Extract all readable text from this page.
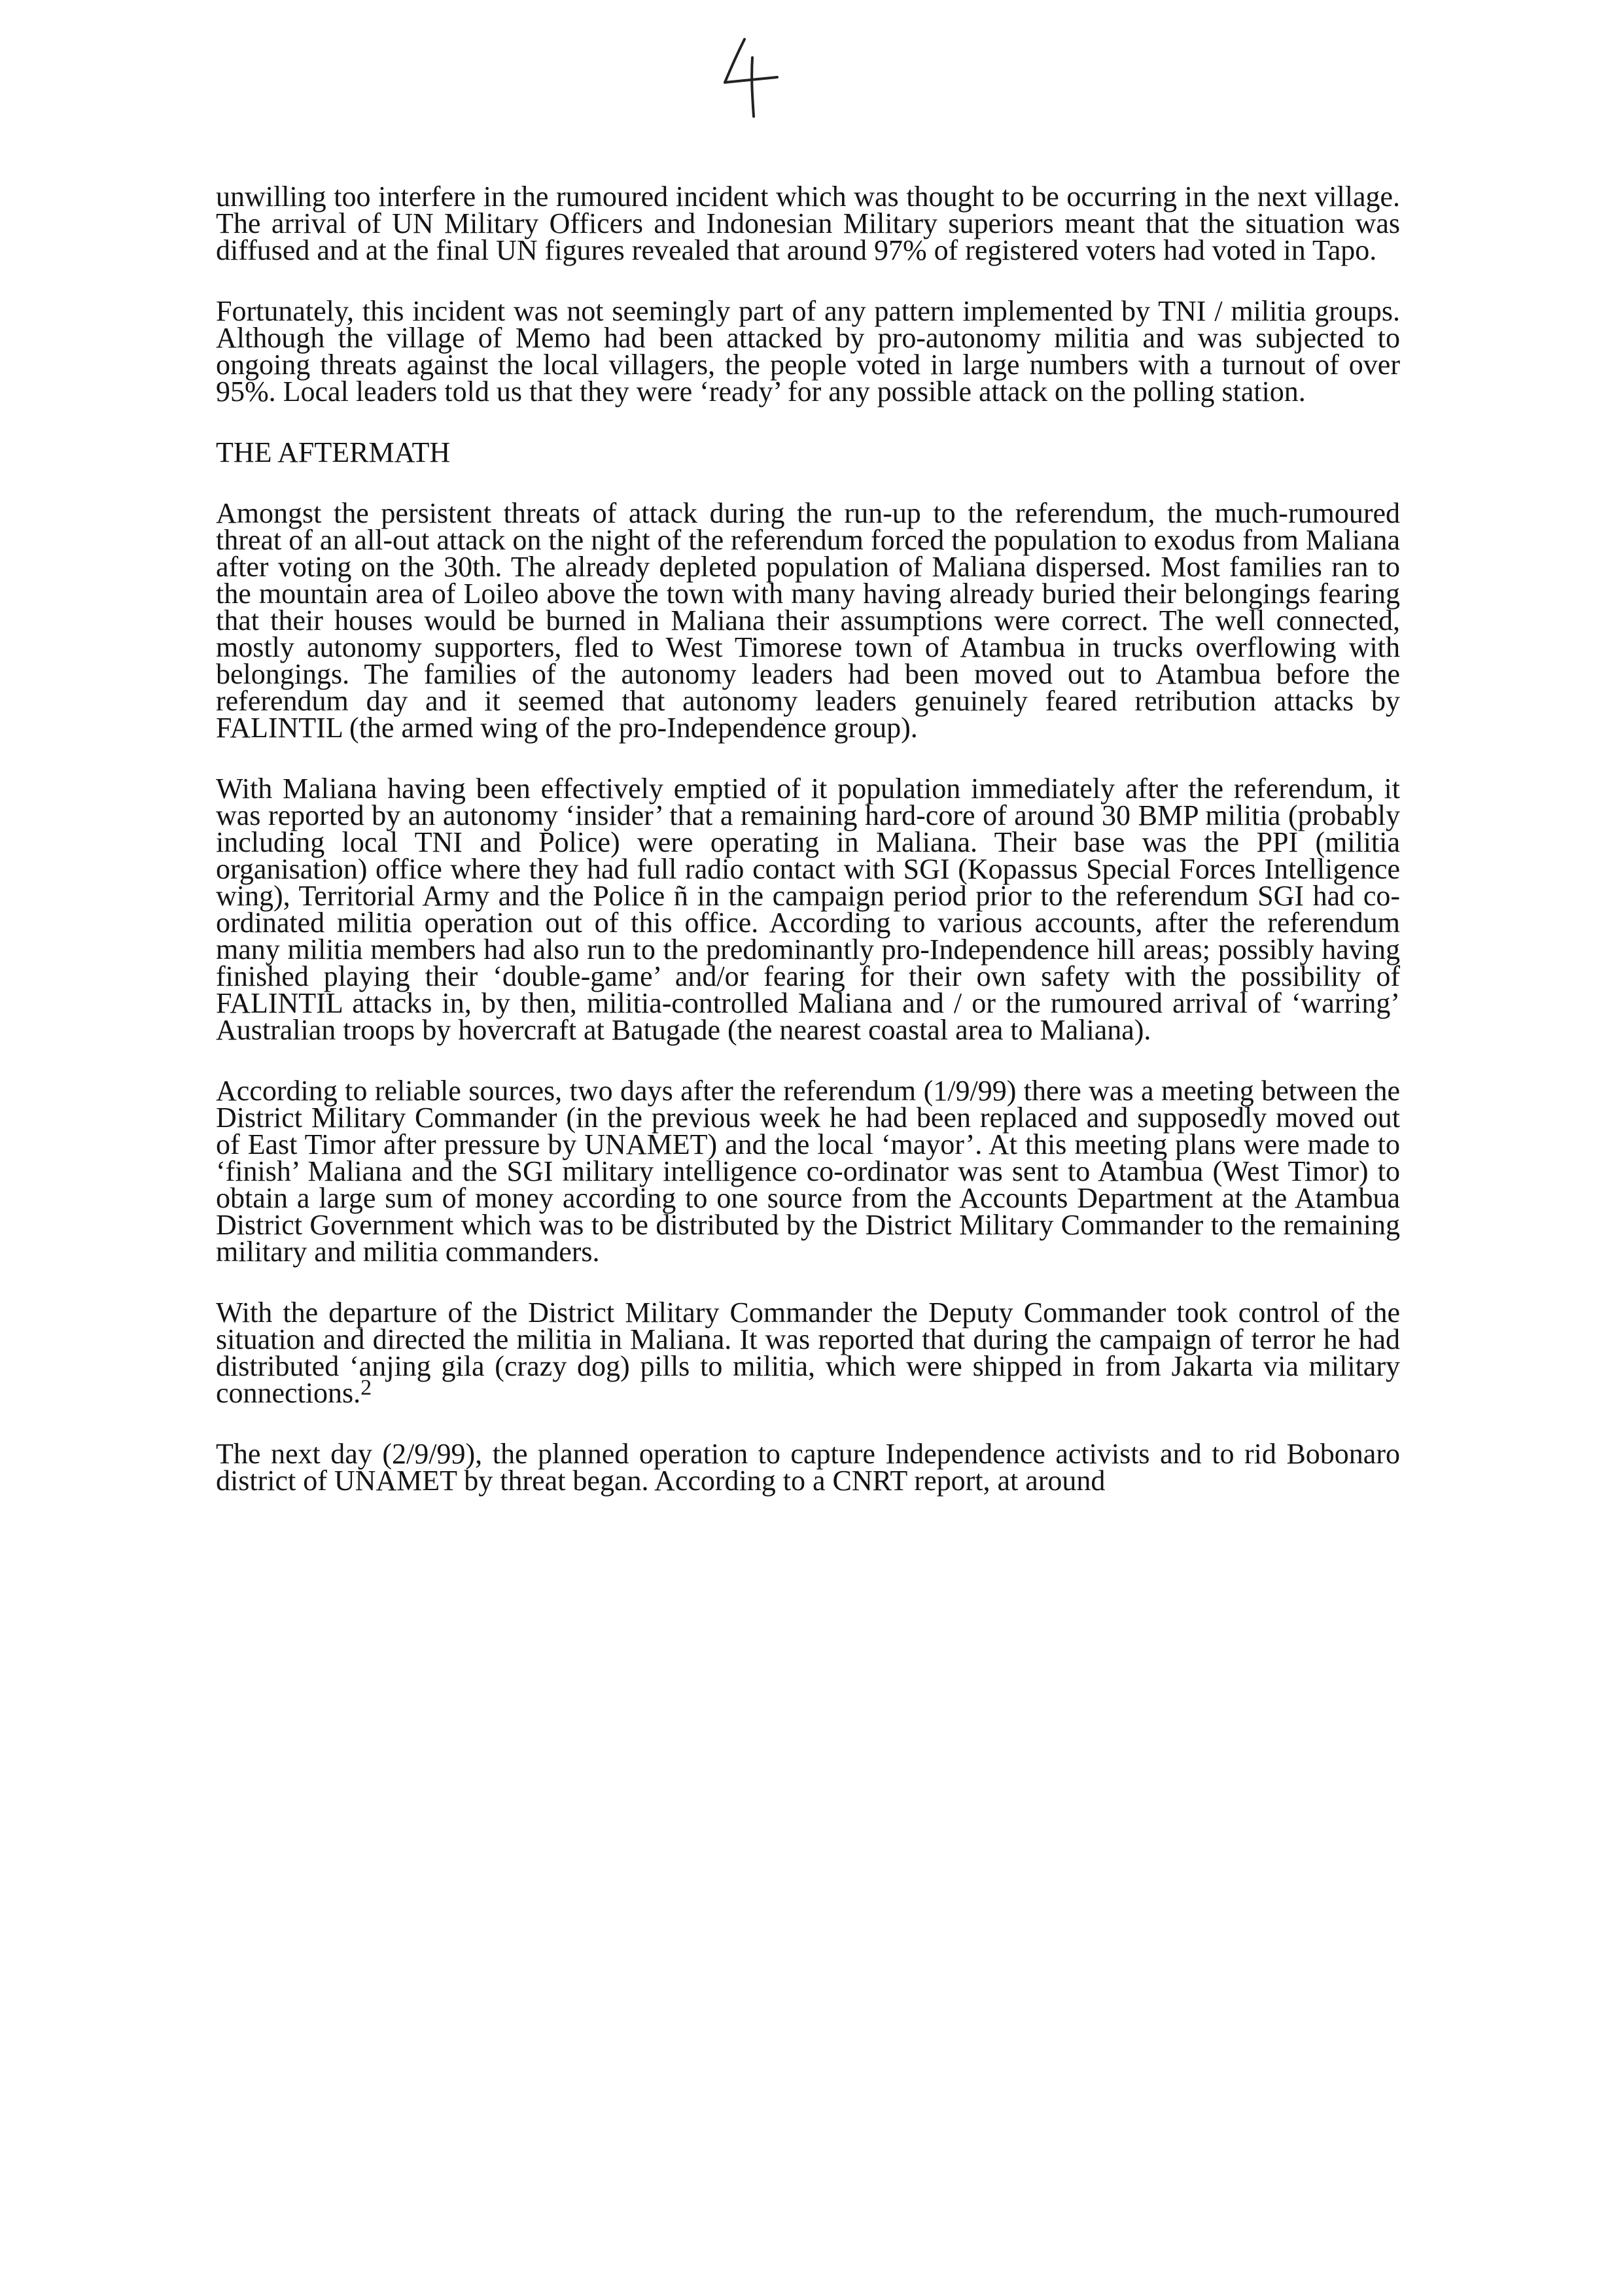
unwilling too interfere in the rumoured incident which was thought to be occurring in the next village. The arrival of UN Military Officers and Indonesian Military superiors meant that the situation was diffused and at the final UN figures revealed that around 97% of registered voters had voted in Tapo.

Fortunately, this incident was not seemingly part of any pattern implemented by TNI / militia groups. Although the village of Memo had been attacked by pro-autonomy militia and was subjected to ongoing threats against the local villagers, the people voted in large numbers with a turnout of over 95%. Local leaders told us that they were ‘ready’ for any possible attack on the polling station.

THE AFTERMATH

Amongst the persistent threats of attack during the run-up to the referendum, the much-rumoured threat of an all-out attack on the night of the referendum forced the population to exodus from Maliana after voting on the 30th. The already depleted population of Maliana dispersed. Most families ran to the mountain area of Loileo above the town with many having already buried their belongings fearing that their houses would be burned in Maliana their assumptions were correct. The well connected, mostly autonomy supporters, fled to West Timorese town of Atambua in trucks overflowing with belongings. The families of the autonomy leaders had been moved out to Atambua before the referendum day and it seemed that autonomy leaders genuinely feared retribution attacks by FALINTIL (the armed wing of the pro-Independence group).

With Maliana having been effectively emptied of it population immediately after the referendum, it was reported by an autonomy ‘insider’ that a remaining hard-core of around 30 BMP militia (probably including local TNI and Police) were operating in Maliana. Their base was the PPI (militia organisation) office where they had full radio contact with SGI (Kopassus Special Forces Intelligence wing), Territorial Army and the Police ñ in the campaign period prior to the referendum SGI had co-ordinated militia operation out of this office. According to various accounts, after the referendum many militia members had also run to the predominantly pro-Independence hill areas; possibly having finished playing their ‘double-game’ and/or fearing for their own safety with the possibility of FALINTIL attacks in, by then, militia-controlled Maliana and / or the rumoured arrival of ‘warring’ Australian troops by hovercraft at Batugade (the nearest coastal area to Maliana).

According to reliable sources, two days after the referendum (1/9/99) there was a meeting between the District Military Commander (in the previous week he had been replaced and supposedly moved out of East Timor after pressure by UNAMET) and the local ‘mayor’. At this meeting plans were made to ‘finish’ Maliana and the SGI military intelligence co-ordinator was sent to Atambua (West Timor) to obtain a large sum of money according to one source from the Accounts Department at the Atambua District Government which was to be distributed by the District Military Commander to the remaining military and militia commanders.

With the departure of the District Military Commander the Deputy Commander took control of the situation and directed the militia in Maliana. It was reported that during the campaign of terror he had distributed ‘anjing gila (crazy dog) pills to militia, which were shipped in from Jakarta via military connections.$^2$

The next day (2/9/99), the planned operation to capture Independence activists and to rid Bobonaro district of UNAMET by threat began. According to a CNRT report, at around
